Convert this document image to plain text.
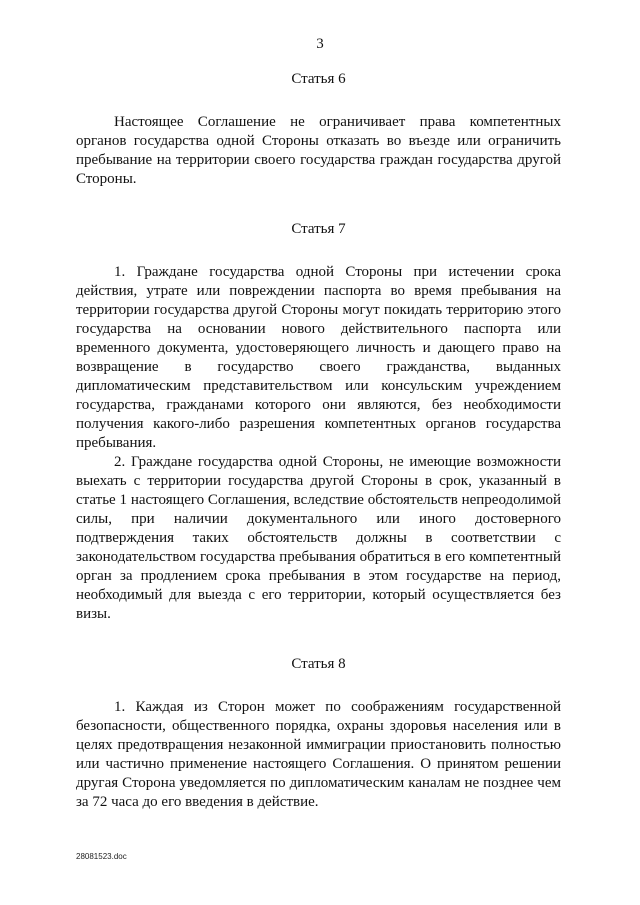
3

Статья 6

Настоящее Соглашение не ограничивает права компетентных органов государства одной Стороны отказать во въезде или ограничить пребывание на территории своего государства граждан государства другой Стороны.

Статья 7

1. Граждане государства одной Стороны при истечении срока действия, утрате или повреждении паспорта во время пребывания на территории государства другой Стороны могут покидать территорию этого государства на основании нового действительного паспорта или временного документа, удостоверяющего личность и дающего право на возвращение в государство своего гражданства, выданных дипломатическим представительством или консульским учреждением государства, гражданами которого они являются, без необходимости получения какого-либо разрешения компетентных органов государства пребывания.

2. Граждане государства одной Стороны, не имеющие возможности выехать с территории государства другой Стороны в срок, указанный в статье 1 настоящего Соглашения, вследствие обстоятельств непреодолимой силы, при наличии документального или иного достоверного подтверждения таких обстоятельств должны в соответствии с законодательством государства пребывания обратиться в его компетентный орган за продлением срока пребывания в этом государстве на период, необходимый для выезда с его территории, который осуществляется без визы.

Статья 8

1. Каждая из Сторон может по соображениям государственной безопасности, общественного порядка, охраны здоровья населения или в целях предотвращения незаконной иммиграции приостановить полностью или частично применение настоящего Соглашения. О принятом решении другая Сторона уведомляется по дипломатическим каналам не позднее чем за 72 часа до его введения в действие.

28081523.doc
